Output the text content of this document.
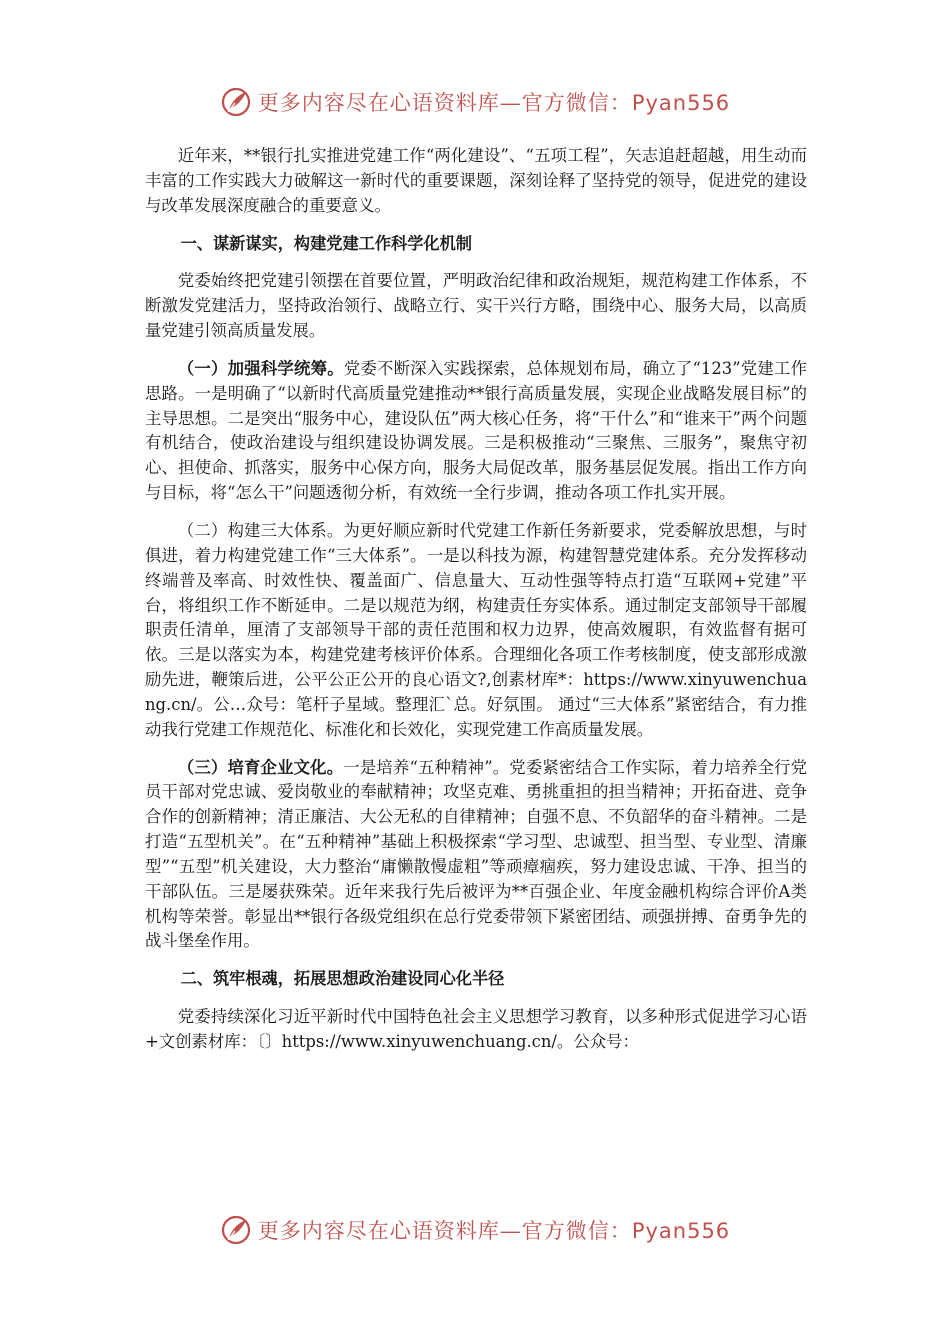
更多内容尽在心语资料库—官方微信：Pyan556

近年来，**银行扎实推进党建工作“两化建设”、“五项工程”，矢志追赶超越，用生动而丰富的工作实践大力破解这一新时代的重要课题，深刻诠释了坚持党的领导，促进党的建设与改革发展深度融合的重要意义。

一、谋新谋实，构建党建工作科学化机制

党委始终把党建引领摆在首要位置，严明政治纪律和政治规矩，规范构建工作体系，不断激发党建活力，坚持政治领行、战略立行、实干兴行方略，围绕中心、服务大局，以高质量党建引领高质量发展。

（一）加强科学统筹。党委不断深入实践探索，总体规划布局，确立了“123”党建工作思路。一是明确了“以新时代高质量党建推动**银行高质量发展，实现企业战略发展目标”的主导思想。二是突出“服务中心，建设队伍”两大核心任务，将“干什么”和“谁来干”两个问题有机结合，使政治建设与组织建设协调发展。三是积极推动“三聚焦、三服务”，聚焦守初心、担使命、抓落实，服务中心保方向，服务大局促改革，服务基层促发展。指出工作方向与目标，将“怎么干”问题透彻分析，有效统一全行步调，推动各项工作扎实开展。

（二）构建三大体系。为更好顺应新时代党建工作新任务新要求，党委解放思想，与时俱进，着力构建党建工作“三大体系”。一是以科技为源，构建智慧党建体系。充分发挥移动终端普及率高、时效性快、覆盖面广、信息量大、互动性强等特点打造“互联网+党建”平台，将组织工作不断延申。二是以规范为纲，构建责任夯实体系。通过制定支部领导干部履职责任清单，厘清了支部领导干部的责任范围和权力边界，使高效履职，有效监督有据可依。三是以落实为本，构建党建考核评价体系。合理细化各项工作考核制度，使支部形成激励先进，鞭策后进，公平公正公开的良心语文?,创素材库*：https://www.xinyuwenchuang.cn/。公…众号：笔杆子星域。整理汇`总。好氛围。 通过“三大体系”紧密结合，有力推动我行党建工作规范化、标准化和长效化，实现党建工作高质量发展。

（三）培育企业文化。一是培养“五种精神”。党委紧密结合工作实际，着力培养全行党员干部对党忠诚、爱岗敬业的奉献精神；攻坚克难、勇挑重担的担当精神；开拓奋进、竞争合作的创新精神；清正廉洁、大公无私的自律精神；自强不息、不负韶华的奋斗精神。二是打造“五型机关”。在“五种精神”基础上积极探索“学习型、忠诚型、担当型、专业型、清廉型”“五型”机关建设，大力整治“庸懒散慢虚粗”等顽瘴痼疾，努力建设忠诚、干净、担当的干部队伍。三是屡获殊荣。近年来我行先后被评为**百强企业、年度金融机构综合评价A类机构等荣誉。彰显出**银行各级党组织在总行党委带领下紧密团结、顽强拼搏、奋勇争先的战斗堡垒作用。

二、筑牢根魂，拓展思想政治建设同心化半径

党委持续深化习近平新时代中国特色社会主义思想学习教育，以多种形式促进学习心语+文创素材库：〔〕https://www.xinyuwenchuang.cn/。公众号：

更多内容尽在心语资料库—官方微信：Pyan556
